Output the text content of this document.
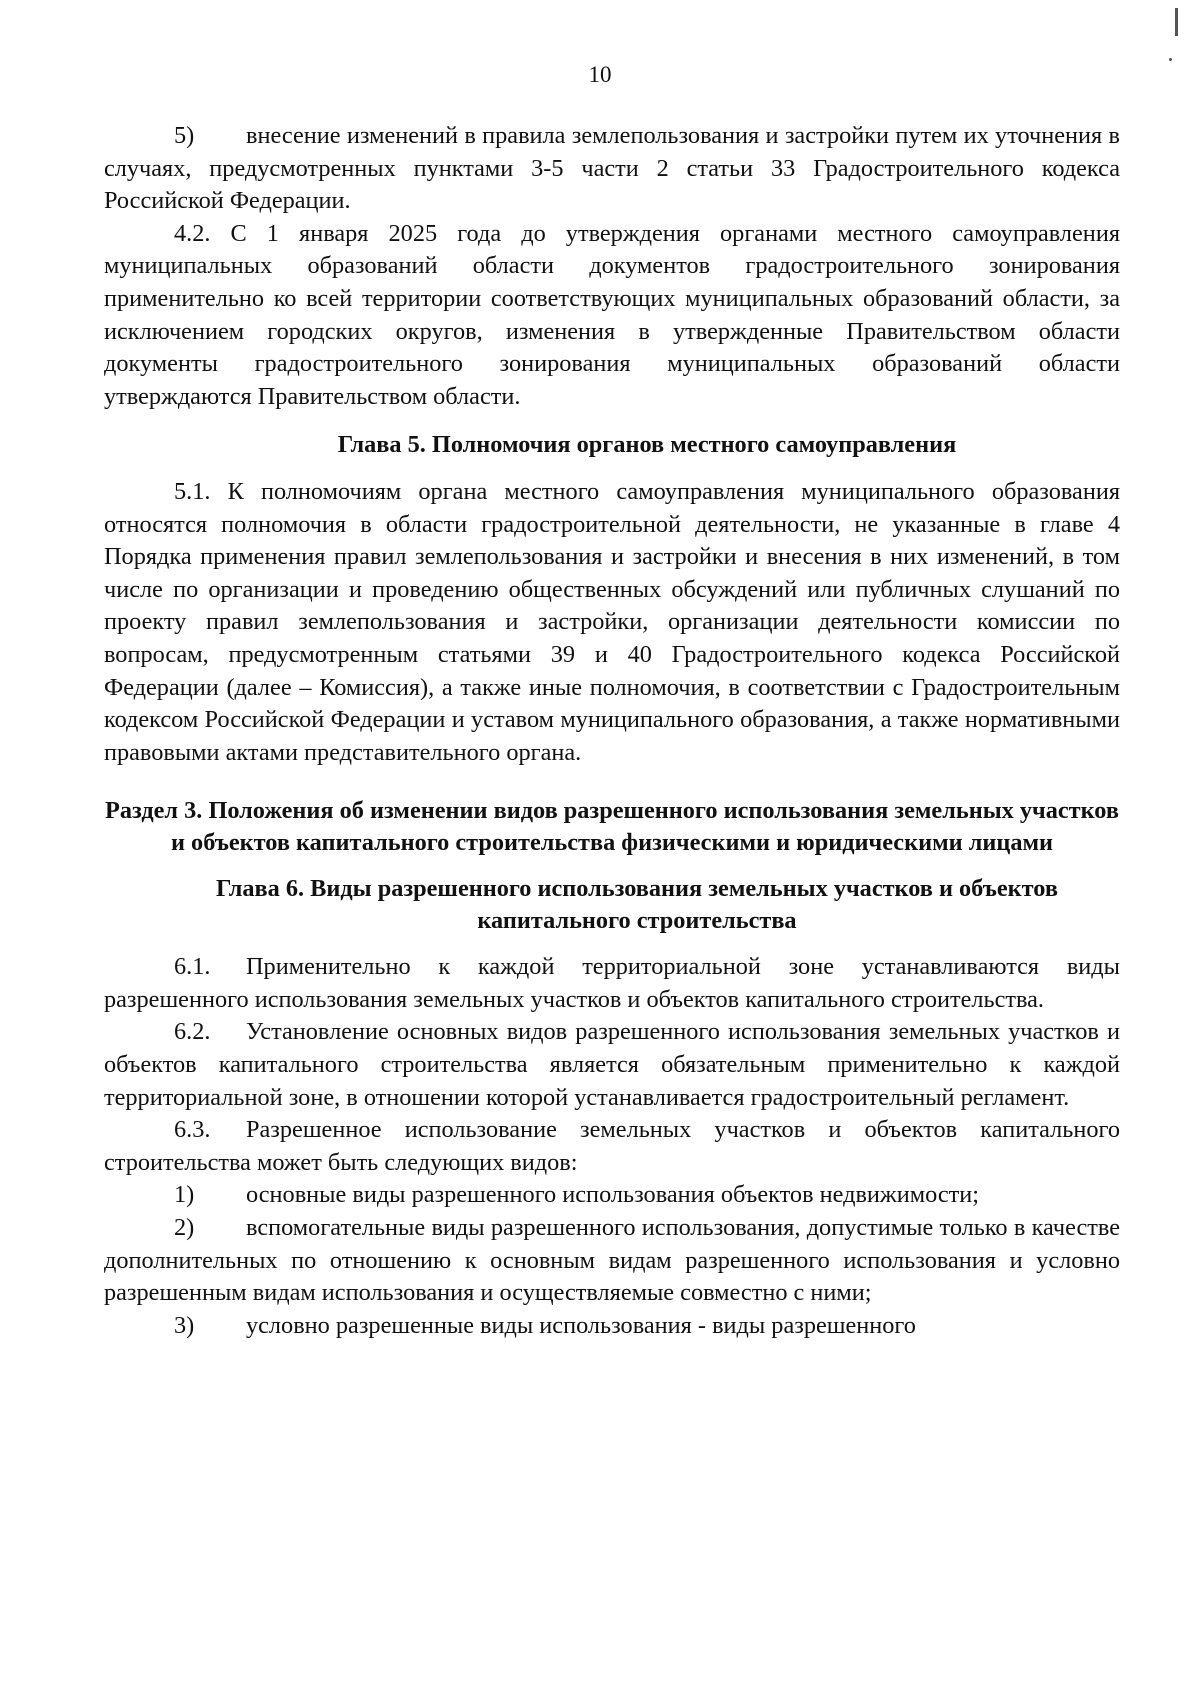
10

5) внесение изменений в правила землепользования и застройки путем их уточнения в случаях, предусмотренных пунктами 3-5 части 2 статьи 33 Градостроительного кодекса Российской Федерации.

4.2. С 1 января 2025 года до утверждения органами местного самоуправления муниципальных образований области документов градостроительного зонирования применительно ко всей территории соответствующих муниципальных образований области, за исключением городских округов, изменения в утвержденные Правительством области документы градостроительного зонирования муниципальных образований области утверждаются Правительством области.

Глава 5. Полномочия органов местного самоуправления

5.1. К полномочиям органа местного самоуправления муниципального образования относятся полномочия в области градостроительной деятельности, не указанные в главе 4 Порядка применения правил землепользования и застройки и внесения в них изменений, в том числе по организации и проведению общественных обсуждений или публичных слушаний по проекту правил землепользования и застройки, организации деятельности комиссии по вопросам, предусмотренным статьями 39 и 40 Градостроительного кодекса Российской Федерации (далее – Комиссия), а также иные полномочия, в соответствии с Градостроительным кодексом Российской Федерации и уставом муниципального образования, а также нормативными правовыми актами представительного органа.

Раздел 3. Положения об изменении видов разрешенного использования земельных участков и объектов капитального строительства физическими и юридическими лицами

Глава 6. Виды разрешенного использования земельных участков и объектов капитального строительства

6.1. Применительно к каждой территориальной зоне устанавливаются виды разрешенного использования земельных участков и объектов капитального строительства.

6.2. Установление основных видов разрешенного использования земельных участков и объектов капитального строительства является обязательным применительно к каждой территориальной зоне, в отношении которой устанавливается градостроительный регламент.

6.3. Разрешенное использование земельных участков и объектов капитального строительства может быть следующих видов:

1) основные виды разрешенного использования объектов недвижимости;

2) вспомогательные виды разрешенного использования, допустимые только в качестве дополнительных по отношению к основным видам разрешенного использования и условно разрешенным видам использования и осуществляемые совместно с ними;

3) условно разрешенные виды использования - виды разрешенного
